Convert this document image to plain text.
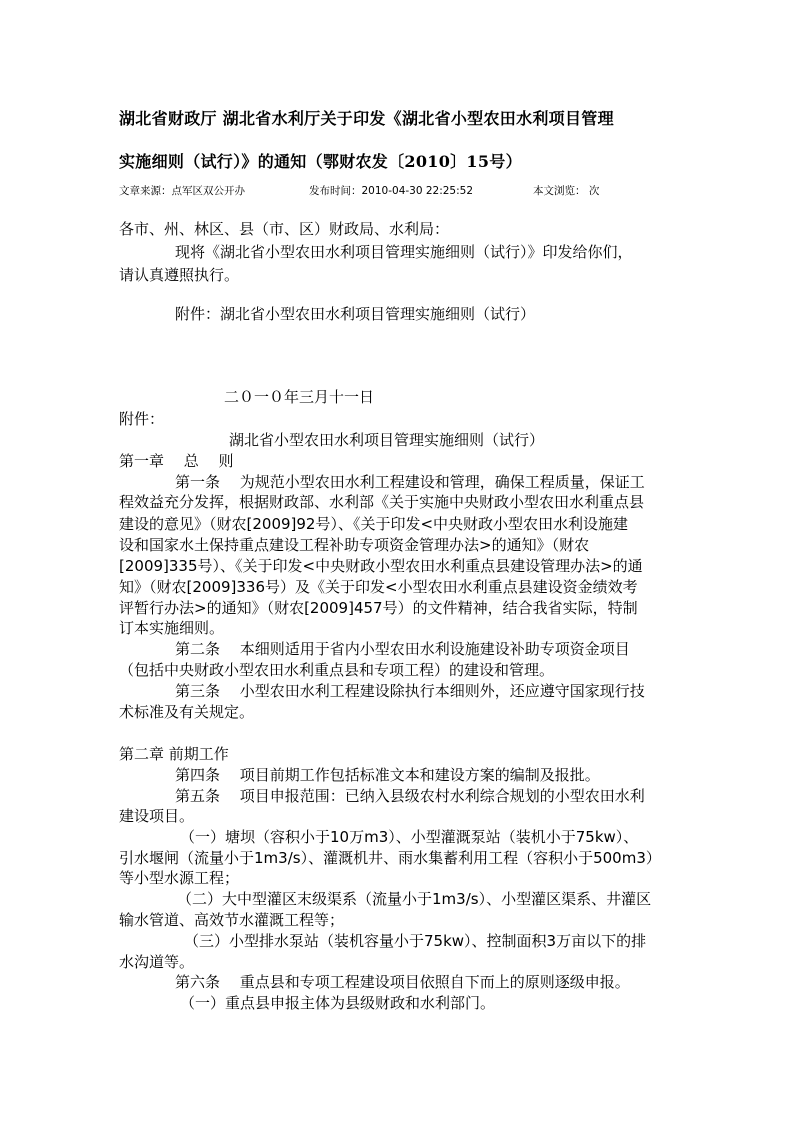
湖北省财政厅 湖北省水利厅关于印发《湖北省小型农田水利项目管理
实施细则（试行）》的通知（鄂财农发〔2010〕15号）
文章来源：点军区双公开办	发布时间：2010-04-30 22:25:52	本文浏览： 次
各市、州、林区、县（市、区）财政局、水利局：
现将《湖北省小型农田水利项目管理实施细则（试行）》印发给你们，
请认真遵照执行。
附件：湖北省小型农田水利项目管理实施细则（试行）
二０一０年三月十一日
附件：
湖北省小型农田水利项目管理实施细则（试行）
第一章　 总　 则
第一条　 为规范小型农田水利工程建设和管理，确保工程质量，保证工
程效益充分发挥，根据财政部、水利部《关于实施中央财政小型农田水利重点县
建设的意见》（财农[2009]92号）、《关于印发<中央财政小型农田水利设施建
设和国家水土保持重点建设工程补助专项资金管理办法>的通知》（财农
[2009]335号）、《关于印发<中央财政小型农田水利重点县建设管理办法>的通
知》（财农[2009]336号）及《关于印发<小型农田水利重点县建设资金绩效考
评暂行办法>的通知》（财农[2009]457号）的文件精神，结合我省实际，特制
订本实施细则。
第二条　 本细则适用于省内小型农田水利设施建设补助专项资金项目
（包括中央财政小型农田水利重点县和专项工程）的建设和管理。
第三条　 小型农田水利工程建设除执行本细则外，还应遵守国家现行技
术标准及有关规定。
第二章 前期工作
第四条　 项目前期工作包括标准文本和建设方案的编制及报批。
第五条　 项目申报范围：已纳入县级农村水利综合规划的小型农田水利
建设项目。
（一）塘坝（容积小于10万m3）、小型灌溉泵站（装机小于75kw）、
引水堰闸（流量小于1m3/s）、灌溉机井、雨水集蓄利用工程（容积小于500m3）
等小型水源工程；
（二）大中型灌区末级渠系（流量小于1m3/s）、小型灌区渠系、井灌区
输水管道、高效节水灌溉工程等；
（三）小型排水泵站（装机容量小于75kw）、控制面积3万亩以下的排
水沟道等。
第六条　 重点县和专项工程建设项目依照自下而上的原则逐级申报。
（一）重点县申报主体为县级财政和水利部门。
